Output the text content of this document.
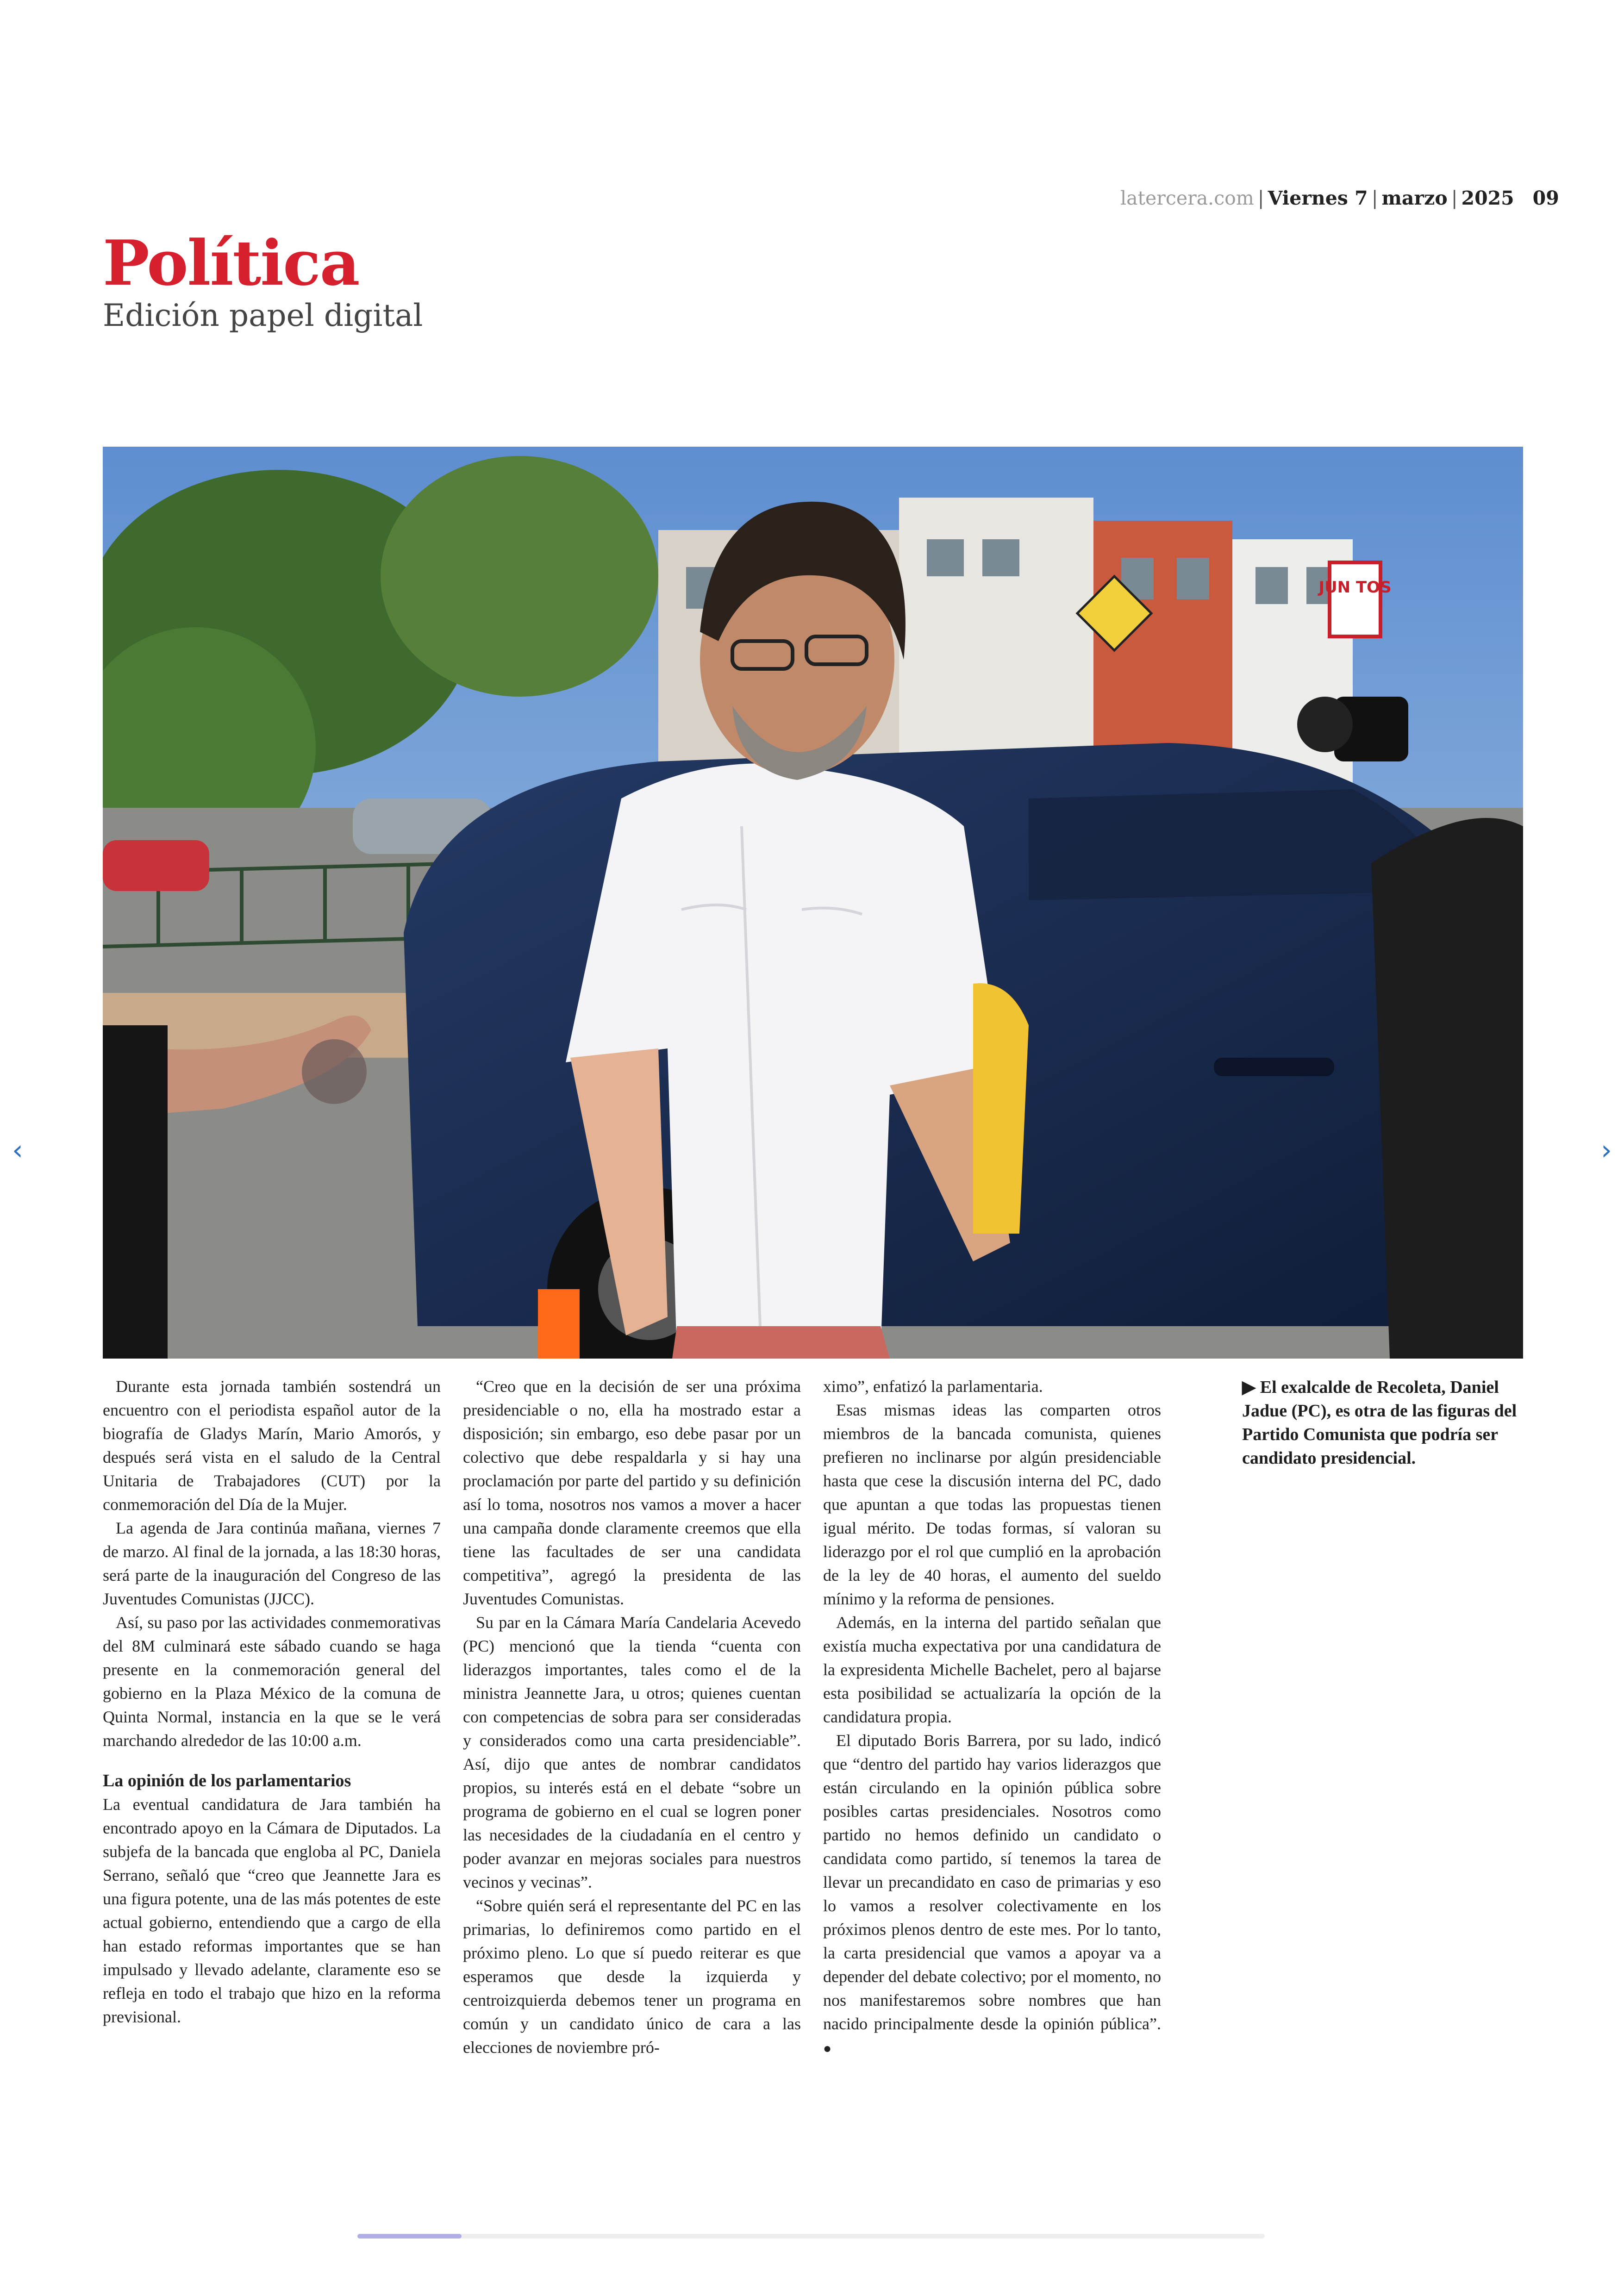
latercera.com | Viernes 7 | marzo | 2025 09
Política
Edición papel digital
JUN TOS

Durante esta jornada también sostendrá un encuentro con el periodista español autor de la biografía de Gladys Marín, Mario Amorós, y después será vista en el saludo de la Central Unitaria de Trabajadores (CUT) por la conmemoración del Día de la Mujer.

La agenda de Jara continúa mañana, viernes 7 de marzo. Al final de la jornada, a las 18:30 horas, será parte de la inauguración del Congreso de las Juventudes Comunistas (JJCC).

Así, su paso por las actividades conmemorativas del 8M culminará este sábado cuando se haga presente en la conmemoración general del gobierno en la Plaza México de la comuna de Quinta Normal, instancia en la que se le verá marchando alrededor de las 10:00 a.m.

La opinión de los parlamentarios

La eventual candidatura de Jara también ha encontrado apoyo en la Cámara de Diputados. La subjefa de la bancada que engloba al PC, Daniela Serrano, señaló que “creo que Jeannette Jara es una figura potente, una de las más potentes de este actual gobierno, entendiendo que a cargo de ella han estado reformas importantes que se han impulsado y llevado adelante, claramente eso se refleja en todo el trabajo que hizo en la reforma previsional.

“Creo que en la decisión de ser una próxima presidenciable o no, ella ha mostrado estar a disposición; sin embargo, eso debe pasar por un colectivo que debe respaldarla y si hay una proclamación por parte del partido y su definición así lo toma, nosotros nos vamos a mover a hacer una campaña donde claramente creemos que ella tiene las facultades de ser una candidata competitiva”, agregó la presidenta de las Juventudes Comunistas.

Su par en la Cámara María Candelaria Acevedo (PC) mencionó que la tienda “cuenta con liderazgos importantes, tales como el de la ministra Jeannette Jara, u otros; quienes cuentan con competencias de sobra para ser consideradas y considerados como una carta presidenciable”. Así, dijo que antes de nombrar candidatos propios, su interés está en el debate “sobre un programa de gobierno en el cual se logren poner las necesidades de la ciudadanía en el centro y poder avanzar en mejoras sociales para nuestros vecinos y vecinas”.

“Sobre quién será el representante del PC en las primarias, lo definiremos como partido en el próximo pleno. Lo que sí puedo reiterar es que esperamos que desde la izquierda y centroizquierda debemos tener un programa en común y un candidato único de cara a las elecciones de noviembre pró-

ximo”, enfatizó la parlamentaria.

Esas mismas ideas las comparten otros miembros de la bancada comunista, quienes prefieren no inclinarse por algún presidenciable hasta que cese la discusión interna del PC, dado que apuntan a que todas las propuestas tienen igual mérito. De todas formas, sí valoran su liderazgo por el rol que cumplió en la aprobación de la ley de 40 horas, el aumento del sueldo mínimo y la reforma de pensiones.

Además, en la interna del partido señalan que existía mucha expectativa por una candidatura de la expresidenta Michelle Bachelet, pero al bajarse esta posibilidad se actualizaría la opción de la candidatura propia.

El diputado Boris Barrera, por su lado, indicó que “dentro del partido hay varios liderazgos que están circulando en la opinión pública sobre posibles cartas presidenciales. Nosotros como partido no hemos definido un candidato o candidata como partido, sí tenemos la tarea de llevar un precandidato en caso de primarias y eso lo vamos a resolver colectivamente en los próximos plenos dentro de este mes. Por lo tanto, la carta presidencial que vamos a apoyar va a depender del debate colectivo; por el momento, no nos manifestaremos sobre nombres que han nacido principalmente desde la opinión pública”. ●

▶ El exalcalde de Recoleta, Daniel Jadue (PC), es otra de las figuras del Partido Comunista que podría ser candidato presidencial.
‹	›
